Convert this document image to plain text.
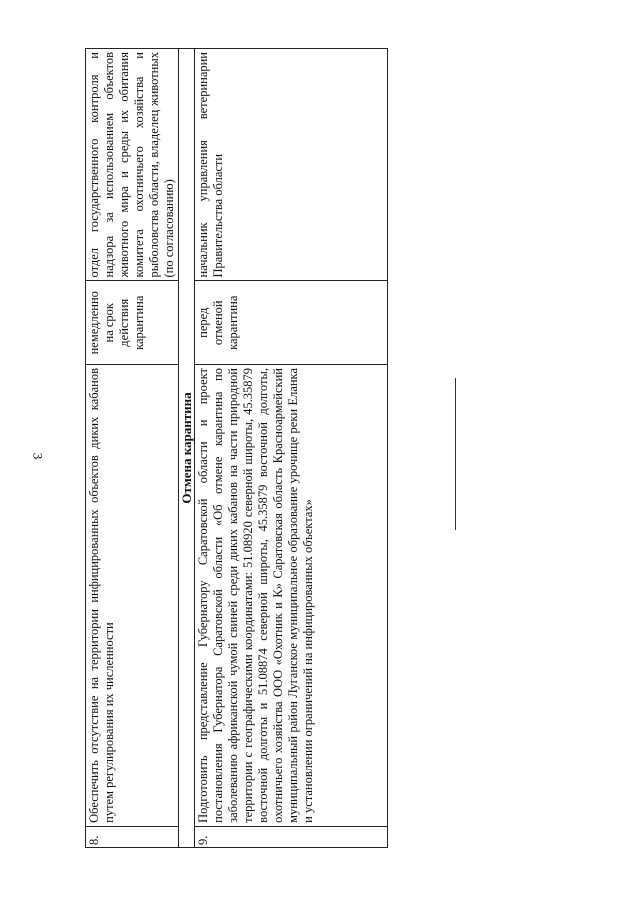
3
8.	Обеспечить отсутствие на территории инфицированных объектов диких кабанов путем регулирования их численности	немедленно на срок действия карантина	отдел государственного контроля и надзора за использованием объектов животного мира и среды их обитания комитета охотничьего хозяйства и рыболовства области, владелец животных (по согласованию)
Отмена карантина			
9.	Подготовить представление Губернатору Саратовской области и проект постановления Губернатора Саратовской области «Об отмене карантина по заболеванию африканской чумой свиней среди диких кабанов на части природной территории с географическими координатами: 51.08920 северной широты, 45.35879 восточной долготы и 51.08874 северной широты, 45.35879 восточной долготы, охотничьего хозяйства ООО «Охотник и К» Саратовская область Красноармейский муниципальный район Луганское муниципальное образование урочище реки Еланка и установлении ограничений на инфицированных объектах»	перед отменой карантина	начальник управления ветеринарии Правительства области
